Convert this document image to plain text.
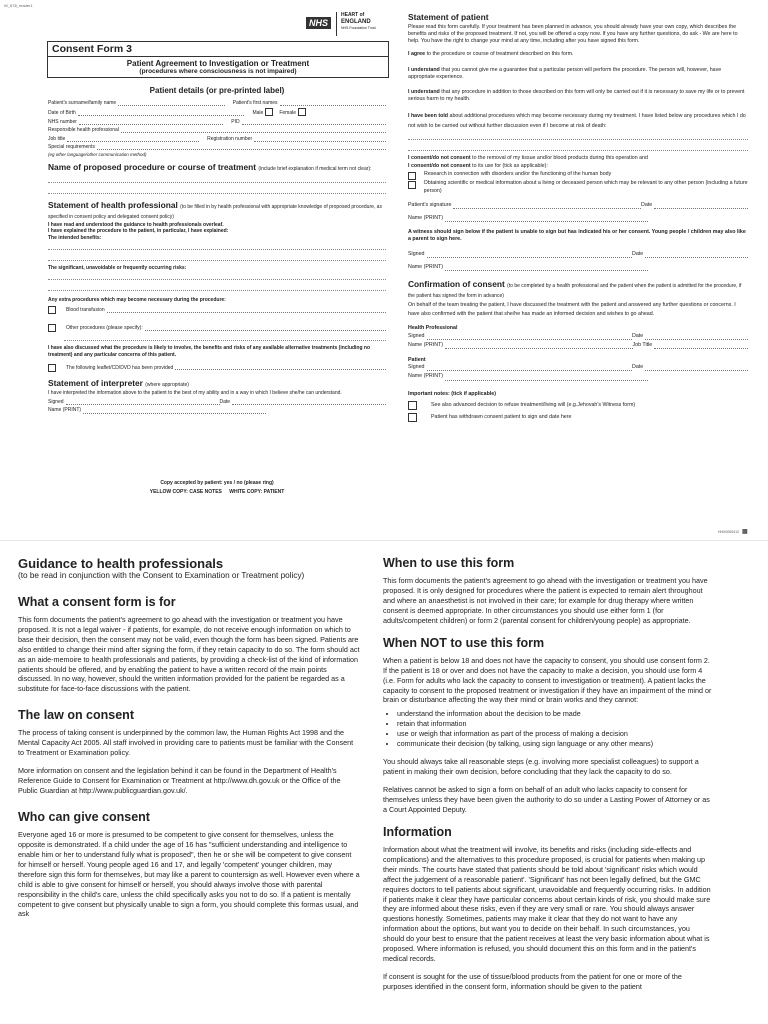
W_678_reader1
NHS
HEART of
ENGLAND
NHS Foundation Trust
Consent Form 3
Patient Agreement to Investigation or Treatment
(procedures where consciousness is not impaired)
Patient details (or pre-printed label)
Patient's surname/family name	Patient's first names
Date of Birth	Male	Female
NHS number	PID
Responsible health professional
Job title	Registration number
Special requirements
(eg other language/other communication method)
Name of proposed procedure or course of treatment (include brief explanation if medical term not clear):
Statement of health professional (to be filled in by health professional with appropriate knowledge of proposed procedure, as specified in consent policy and delegated consent policy)
I have read and understood the guidance to health professionals overleaf.
I have explained the procedure to the patient, in particular, I have explained:
The intended benefits:
The significant, unavoidable or frequently occurring risks:
Any extra procedures which may become necessary during the procedure:
Blood transfusion
Other procedures (please specify):
I have also discussed what the procedure is likely to involve, the benefits and risks of any available alternative treatments (including no treatment) and any particular concerns of this patient.
The following leaflet/CD/DVD has been provided
Statement of interpreter (where appropriate)
I have interpreted the information above to the patient to the best of my ability and in a way in which I believe she/he can understand.
Signed	Date
Name (PRINT)
Copy accepted by patient: yes / no (please ring)
YELLOW COPY: CASE NOTES WHITE COPY: PATIENT
Statement of patient
Please read this form carefully. If your treatment has been planned in advance, you should already have your own copy, which describes the benefits and risks of the proposed treatment. If not, you will be offered a copy now. If you have any further questions, do ask - We are here to help. You have the right to change your mind at any time, including after you have signed this form.
I agree to the procedure or course of treatment described on this form.
I understand that you cannot give me a guarantee that a particular person will perform the procedure. The person will, however, have appropriate experience.
I understand that any procedure in addition to those described on this form will only be carried out if it is necessary to save my life or to prevent serious harm to my health.
I have been told about additional procedures which may become necessary during my treatment. I have listed below any procedures which I do not wish to be carried out without further discussion even if I become at risk of death:
I consent/do not consent to the removal of my tissue and/or blood products during this operation and
I consent/do not consent to its use for (tick as applicable):
Research in connection with disorders and/or the functioning of the human body
Obtaining scientific or medical information about a living or deceased person which may be relevant to any other person (including a future person)
Patient's signature	Date
Name (PRINT)
A witness should sign below if the patient is unable to sign but has indicated his or her consent. Young people / children may also like a parent to sign here.
Signed	Date
Name (PRINT)
Confirmation of consent (to be completed by a health professional and the patient when the patient is admitted for the procedure, if the patient has signed the form in advance)
On behalf of the team treating the patient, I have discussed the treatment with the patient and answered any further questions or concerns. I have also confirmed with the patient that she/he has made an informed decision and wishes to go ahead.
Health Professional
Signed	Date
Name (PRINT)	Job Title
Patient
Signed	Date
Name (PRINT)
Important notes: (tick if applicable)
See also advanced decision to refuse treatment/living will (e.g.Jehovah's Witness form)
Patient has withdrawn consent patient to sign and date here
HHX0000412 ▦
Guidance to health professionals
(to be read in conjunction with the Consent to Examination or Treatment policy)
What a consent form is for

This form documents the patient's agreement to go ahead with the investigation or treatment you have proposed. It is not a legal waiver - if patients, for example, do not receive enough information on which to base their decision, then the consent may not be valid, even though the form has been signed. Patients are also entitled to change their mind after signing the form, if they retain capacity to do so. The form should act as an aide-memoire to health professionals and patients, by providing a check-list of the kind of information patients should be offered, and by enabling the patient to have a written record of the main points discussed. In no way, however, should the written information provided for the patient be regarded as a substitute for face-to-face discussions with the patient.

The law on consent

The process of taking consent is underpinned by the common law, the Human Rights Act 1998 and the Mental Capacity Act 2005. All staff involved in providing care to patients must be familiar with the Consent to Treatment or Examination policy.

More information on consent and the legislation behind it can be found in the Department of Health's Reference Guide to Consent for Examination or Treatment at http://www.dh.gov.uk or the Office of the Public Guardian at http://www.publicguardian.gov.uk/.

Who can give consent

Everyone aged 16 or more is presumed to be competent to give consent for themselves, unless the opposite is demonstrated. If a child under the age of 16 has "sufficient understanding and intelligence to enable him or her to understand fully what is proposed", then he or she will be competent to give consent for himself or herself. Young people aged 16 and 17, and legally 'competent' younger children, may therefore sign this form for themselves, but may like a parent to countersign as well. However even where a child is able to give consent for himself or herself, you should always involve those with parental responsibility in the child's care, unless the child specifically asks you not to do so. If a patient is mentally competent to give consent but physically unable to sign a form, you should complete this formas usual, and ask

When to use this form

This form documents the patient's agreement to go ahead with the investigation or treatment you have proposed. It is only designed for procedures where the patient is expected to remain alert throughout and where an anaesthetist is not involved in their care; for example for drug therapy where written consent is deemed appropriate. In other circumstances you should use either form 1 (for adults/competent children) or form 2 (parental consent for children/young people) as appropriate.

When NOT to use this form

When a patient is below 18 and does not have the capacity to consent, you should use consent form 2. If the patient is 18 or over and does not have the capacity to make a decision, you should use form 4 (i.e. Form for adults who lack the capacity to consent to investigation or treatment). A patient lacks the capacity to consent to the proposed treatment or investigation if they have an impairment of the mind or brain or disturbance affecting the way their mind or brain works and they cannot:

• understand the information about the decision to be made
• retain that information
• use or weigh that information as part of the process of making a decision
• communicate their decision (by talking, using sign language or any other means)

You should always take all reasonable steps (e.g. involving more specialist colleagues) to support a patient in making their own decision, before concluding that they lack the capacity to do so.

Relatives cannot be asked to sign a form on behalf of an adult who lacks capacity to consent for themselves unless they have been given the authority to do so under a Lasting Power of Attorney or as a Court Appointed Deputy.

Information

Information about what the treatment will involve, its benefits and risks (including side-effects and complications) and the alternatives to this procedure proposed, is crucial for patients when making up their minds. The courts have stated that patients should be told about 'significant' risks which would affect the judgement of a reasonable patient'. 'Significant' has not been legally defined, but the GMC requires doctors to tell patients about significant, unavoidable and frequently occurring risks. In addition if patients make it clear they have particular concerns about certain kinds of risk, you should make sure they are informed about these risks, even if they are very small or rare. You should always answer questions honestly. Sometimes, patients may make it clear that they do not want to have any information about the options, but want you to decide on their behalf. In such circumstances, you should do your best to ensure that the patient receives at least the very basic information about what is proposed. Where information is refused, you should document this on this form and in the patient's medical records.

If consent is sought for the use of tissue/blood products from the patient for one or more of the purposes identified in the consent form, information should be given to the patient
